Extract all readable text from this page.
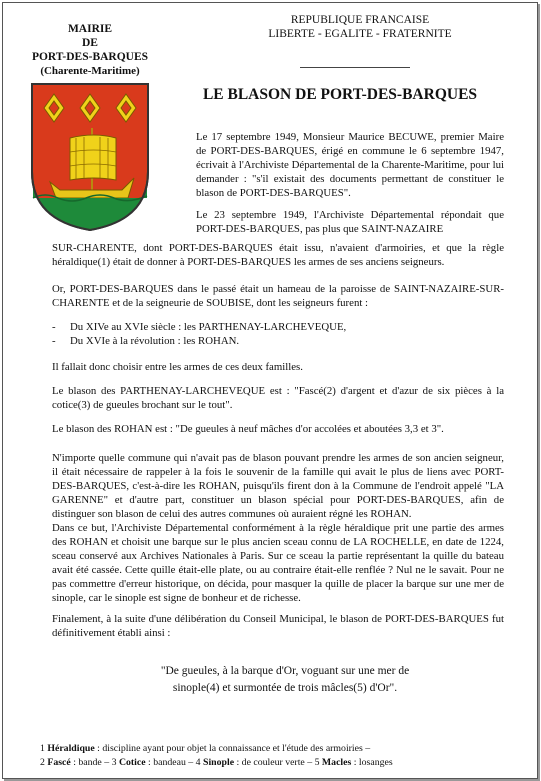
MAIRIE
DE
PORT-DES-BARQUES
(Charente-Maritime)
REPUBLIQUE FRANCAISE
LIBERTE - EGALITE - FRATERNITE
LE BLASON DE PORT-DES-BARQUES
Le 17 septembre 1949, Monsieur Maurice BECUWE, premier Maire de PORT-DES-BARQUES, érigé en commune le 6 septembre 1947, écrivait à l'Archiviste Départemental de la Charente-Maritime, pour lui demander : "s'il existait des documents permettant de constituer le blason de PORT-DES-BARQUES".
Le 23 septembre 1949, l'Archiviste Départemental répondait que PORT-DES-BARQUES, pas plus que SAINT-NAZAIRE
SUR-CHARENTE, dont PORT-DES-BARQUES était issu, n'avaient d'armoiries, et que la règle héraldique(1) était de donner à PORT-DES-BARQUES les armes de ses anciens seigneurs.
Or, PORT-DES-BARQUES dans le passé était un hameau de la paroisse de SAINT-NAZAIRE-SUR-CHARENTE et de la seigneurie de SOUBISE, dont les seigneurs furent :
- Du XIVe au XVIe siècle : les PARTHENAY-LARCHEVEQUE,
- Du XVIe à la révolution : les ROHAN.
Il fallait donc choisir entre les armes de ces deux familles.
Le blason des PARTHENAY-LARCHEVEQUE est : "Fascé(2) d'argent et d'azur de six pièces à la cotice(3) de gueules brochant sur le tout".
Le blason des ROHAN est : "De gueules à neuf mâches d'or accolées et aboutées 3,3 et 3".
N'importe quelle commune qui n'avait pas de blason pouvant prendre les armes de son ancien seigneur, il était nécessaire de rappeler à la fois le souvenir de la famille qui avait le plus de liens avec PORT-DES-BARQUES, c'est-à-dire les ROHAN, puisqu'ils firent don à la Commune de l'endroit appelé "LA GARENNE" et d'autre part, constituer un blason spécial pour PORT-DES-BARQUES, afin de distinguer son blason de celui des autres communes où auraient régné les ROHAN.
Dans ce but, l'Archiviste Départemental conformément à la règle héraldique prit une partie des armes des ROHAN et choisit une barque sur le plus ancien sceau connu de LA ROCHELLE, en date de 1224, sceau conservé aux Archives Nationales à Paris. Sur ce sceau la partie représentant la quille du bateau avait été cassée. Cette quille était-elle plate, ou au contraire était-elle renflée ? Nul ne le savait. Pour ne pas commettre d'erreur historique, on décida, pour masquer la quille de placer la barque sur une mer de sinople, car le sinople est signe de bonheur et de richesse.
Finalement, à la suite d'une délibération du Conseil Municipal, le blason de PORT-DES-BARQUES fut définitivement établi ainsi :
"De gueules, à la barque d'Or, voguant sur une mer de
sinople(4) et surmontée de trois mâcles(5) d'Or".
1 Héraldique : discipline ayant pour objet la connaissance et l'étude des armoiries –
2 Fascé : bande – 3 Cotice : bandeau – 4 Sinople : de couleur verte – 5 Macles : losanges
